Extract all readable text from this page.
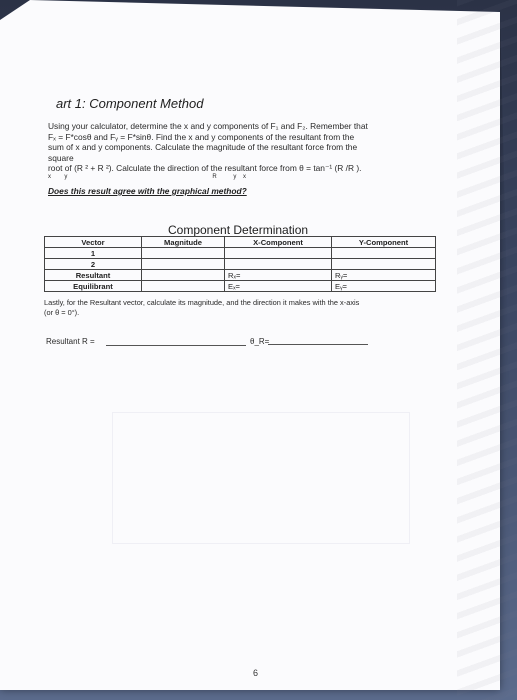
art 1: Component Method

Using your calculator, determine the x and y components of F₁ and F₂. Remember that

Fₓ = F*cosθ and Fᵧ = F*sinθ. Find the x and y components of the resultant from the

sum of x and y components. Calculate the magnitude of the resultant force from the

square

root of (R ² + R ²). Calculate the direction of the resultant force from θ = tan⁻¹ (R /R ).

x        y                                                                                       R          y    x

Does this result agree with the graphical method?
Component Determination
Vector	Magnitude	X-Component	Y-Component
1			
2			
Resultant		Rₓ=	Rᵧ=
Equilibrant		Eₓ=	Eᵧ=
Lastly, for the Resultant vector, calculate its magnitude, and the direction it makes with the x-axis
(or θ = 0°).
Resultant R =	θ_R=
6
